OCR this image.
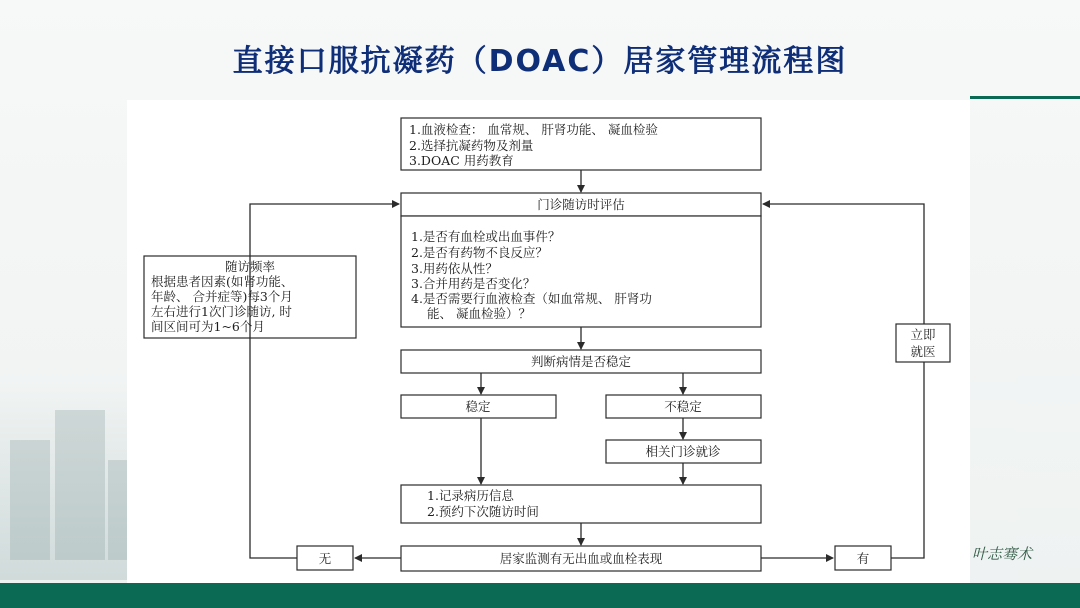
直接口服抗凝药（DOAC）居家管理流程图
1.血液检查： 血常规、 肝肾功能、 凝血检验
2.选择抗凝药物及剂量
3.DOAC 用药教育
门诊随访时评估
1.是否有血栓或出血事件？
2.是否有药物不良反应？
3.用药依从性？
3.合并用药是否变化？
4.是否需要行血液检查（如血常规、 肝肾功
能、 凝血检验）？
随访频率
根据患者因素(如肾功能、
年龄、 合并症等)每3个月
左右进行1次门诊随访, 时
间区间可为1~6个月
判断病情是否稳定
稳定	不稳定
相关门诊就诊
1.记录病历信息
2.预约下次随访时间
居家监测有无出血或血栓表现
无	有
立即
就医
叶志骞术
